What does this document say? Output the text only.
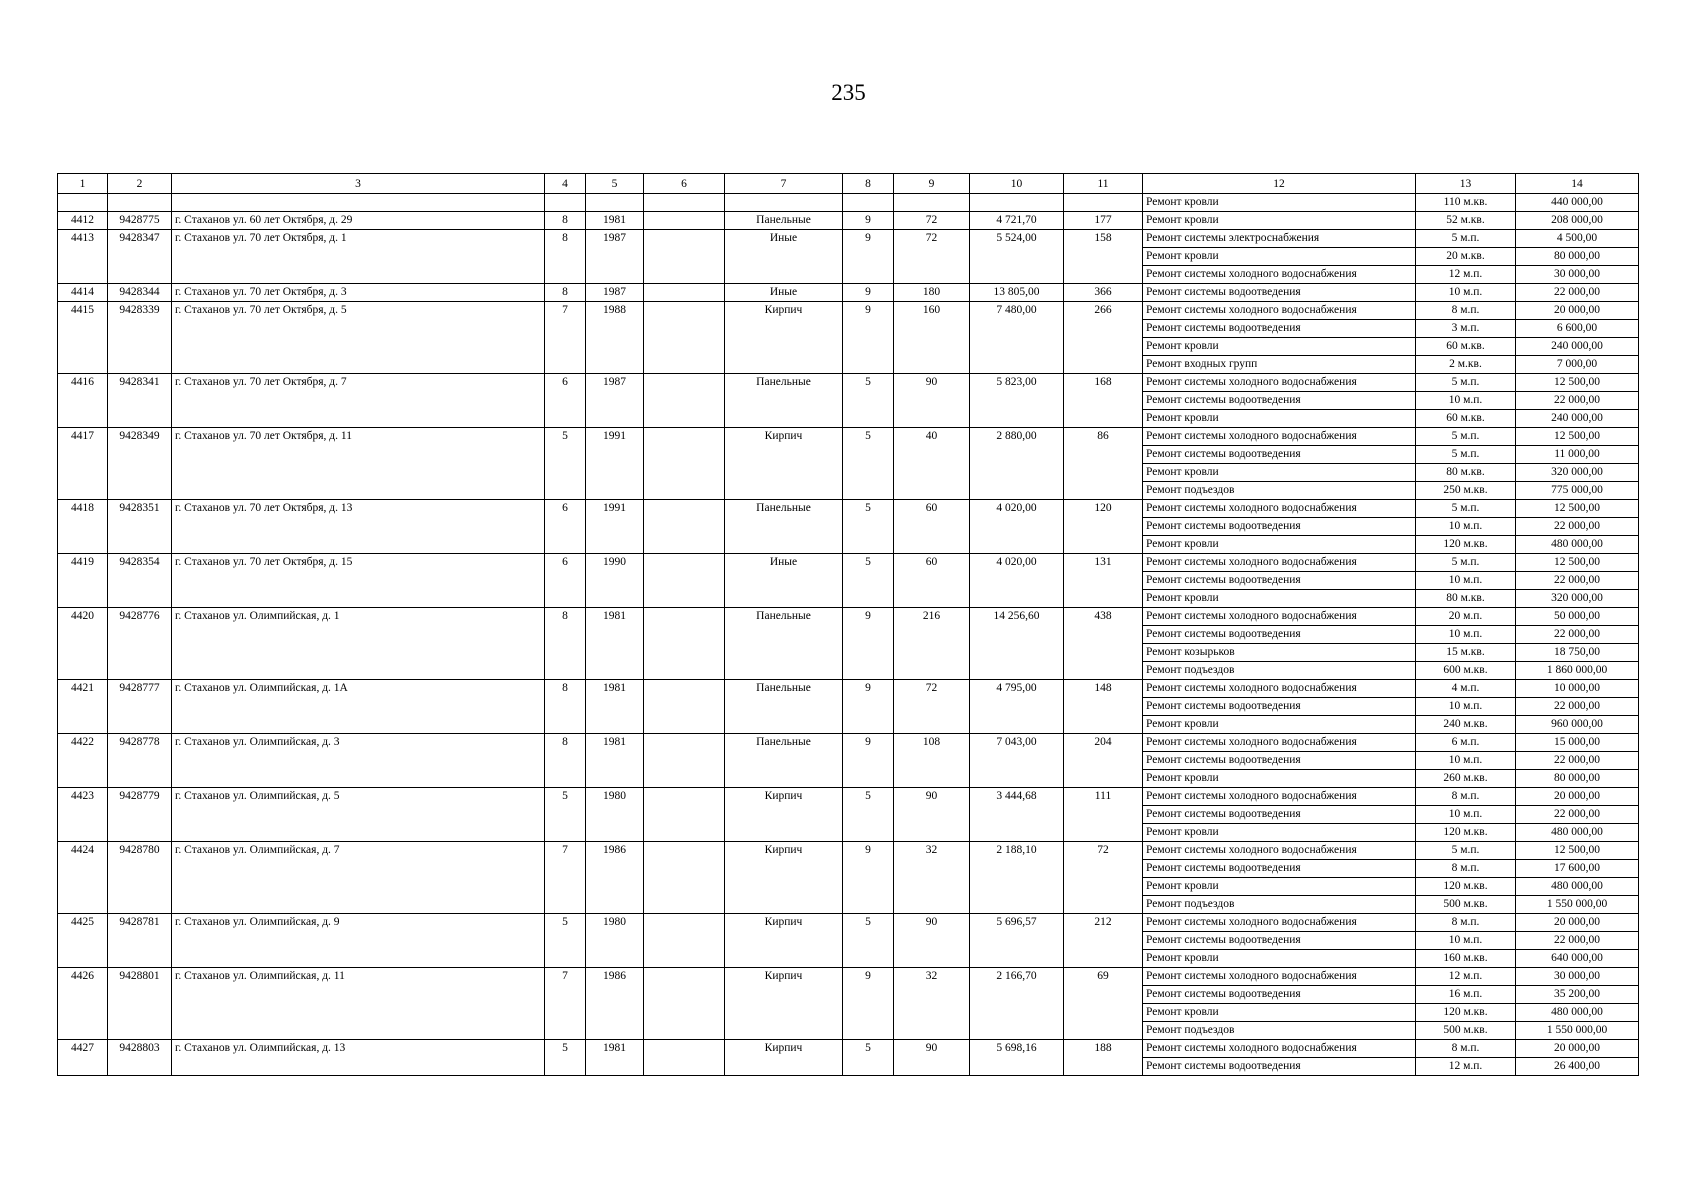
235
1	2	3	4	5	6	7	8	9	10	11	12	13	14
											Ремонт кровли	110 м.кв.	440 000,00
4412	9428775	г. Стаханов ул. 60 лет Октября, д. 29	8	1981		Панельные	9	72	4 721,70	177	Ремонт кровли	52 м.кв.	208 000,00
4413	9428347	г. Стаханов ул. 70 лет Октября, д. 1	8	1987		Иные	9	72	5 524,00	158	Ремонт системы электроснабжения	5 м.п.	4 500,00
											Ремонт кровли	20 м.кв.	80 000,00
											Ремонт системы холодного водоснабжения	12 м.п.	30 000,00
4414	9428344	г. Стаханов ул. 70 лет Октября, д. 3	8	1987		Иные	9	180	13 805,00	366	Ремонт системы водоотведения	10 м.п.	22 000,00
4415	9428339	г. Стаханов ул. 70 лет Октября, д. 5	7	1988		Кирпич	9	160	7 480,00	266	Ремонт системы холодного водоснабжения	8 м.п.	20 000,00
											Ремонт системы водоотведения	3 м.п.	6 600,00
											Ремонт кровли	60 м.кв.	240 000,00
											Ремонт входных групп	2 м.кв.	7 000,00
4416	9428341	г. Стаханов ул. 70 лет Октября, д. 7	6	1987		Панельные	5	90	5 823,00	168	Ремонт системы холодного водоснабжения	5 м.п.	12 500,00
											Ремонт системы водоотведения	10 м.п.	22 000,00
											Ремонт кровли	60 м.кв.	240 000,00
4417	9428349	г. Стаханов ул. 70 лет Октября, д. 11	5	1991		Кирпич	5	40	2 880,00	86	Ремонт системы холодного водоснабжения	5 м.п.	12 500,00
											Ремонт системы водоотведения	5 м.п.	11 000,00
											Ремонт кровли	80 м.кв.	320 000,00
											Ремонт подъездов	250 м.кв.	775 000,00
4418	9428351	г. Стаханов ул. 70 лет Октября, д. 13	6	1991		Панельные	5	60	4 020,00	120	Ремонт системы холодного водоснабжения	5 м.п.	12 500,00
											Ремонт системы водоотведения	10 м.п.	22 000,00
											Ремонт кровли	120 м.кв.	480 000,00
4419	9428354	г. Стаханов ул. 70 лет Октября, д. 15	6	1990		Иные	5	60	4 020,00	131	Ремонт системы холодного водоснабжения	5 м.п.	12 500,00
											Ремонт системы водоотведения	10 м.п.	22 000,00
											Ремонт кровли	80 м.кв.	320 000,00
4420	9428776	г. Стаханов ул. Олимпийская, д. 1	8	1981		Панельные	9	216	14 256,60	438	Ремонт системы холодного водоснабжения	20 м.п.	50 000,00
											Ремонт системы водоотведения	10 м.п.	22 000,00
											Ремонт козырьков	15 м.кв.	18 750,00
											Ремонт подъездов	600 м.кв.	1 860 000,00
4421	9428777	г. Стаханов ул. Олимпийская, д. 1А	8	1981		Панельные	9	72	4 795,00	148	Ремонт системы холодного водоснабжения	4 м.п.	10 000,00
											Ремонт системы водоотведения	10 м.п.	22 000,00
											Ремонт кровли	240 м.кв.	960 000,00
4422	9428778	г. Стаханов ул. Олимпийская, д. 3	8	1981		Панельные	9	108	7 043,00	204	Ремонт системы холодного водоснабжения	6 м.п.	15 000,00
											Ремонт системы водоотведения	10 м.п.	22 000,00
											Ремонт кровли	260 м.кв.	80 000,00
4423	9428779	г. Стаханов ул. Олимпийская, д. 5	5	1980		Кирпич	5	90	3 444,68	111	Ремонт системы холодного водоснабжения	8 м.п.	20 000,00
											Ремонт системы водоотведения	10 м.п.	22 000,00
											Ремонт кровли	120 м.кв.	480 000,00
4424	9428780	г. Стаханов ул. Олимпийская, д. 7	7	1986		Кирпич	9	32	2 188,10	72	Ремонт системы холодного водоснабжения	5 м.п.	12 500,00
											Ремонт системы водоотведения	8 м.п.	17 600,00
											Ремонт кровли	120 м.кв.	480 000,00
											Ремонт подъездов	500 м.кв.	1 550 000,00
4425	9428781	г. Стаханов ул. Олимпийская, д. 9	5	1980		Кирпич	5	90	5 696,57	212	Ремонт системы холодного водоснабжения	8 м.п.	20 000,00
											Ремонт системы водоотведения	10 м.п.	22 000,00
											Ремонт кровли	160 м.кв.	640 000,00
4426	9428801	г. Стаханов ул. Олимпийская, д. 11	7	1986		Кирпич	9	32	2 166,70	69	Ремонт системы холодного водоснабжения	12 м.п.	30 000,00
											Ремонт системы водоотведения	16 м.п.	35 200,00
											Ремонт кровли	120 м.кв.	480 000,00
											Ремонт подъездов	500 м.кв.	1 550 000,00
4427	9428803	г. Стаханов ул. Олимпийская, д. 13	5	1981		Кирпич	5	90	5 698,16	188	Ремонт системы холодного водоснабжения	8 м.п.	20 000,00
											Ремонт системы водоотведения	12 м.п.	26 400,00
